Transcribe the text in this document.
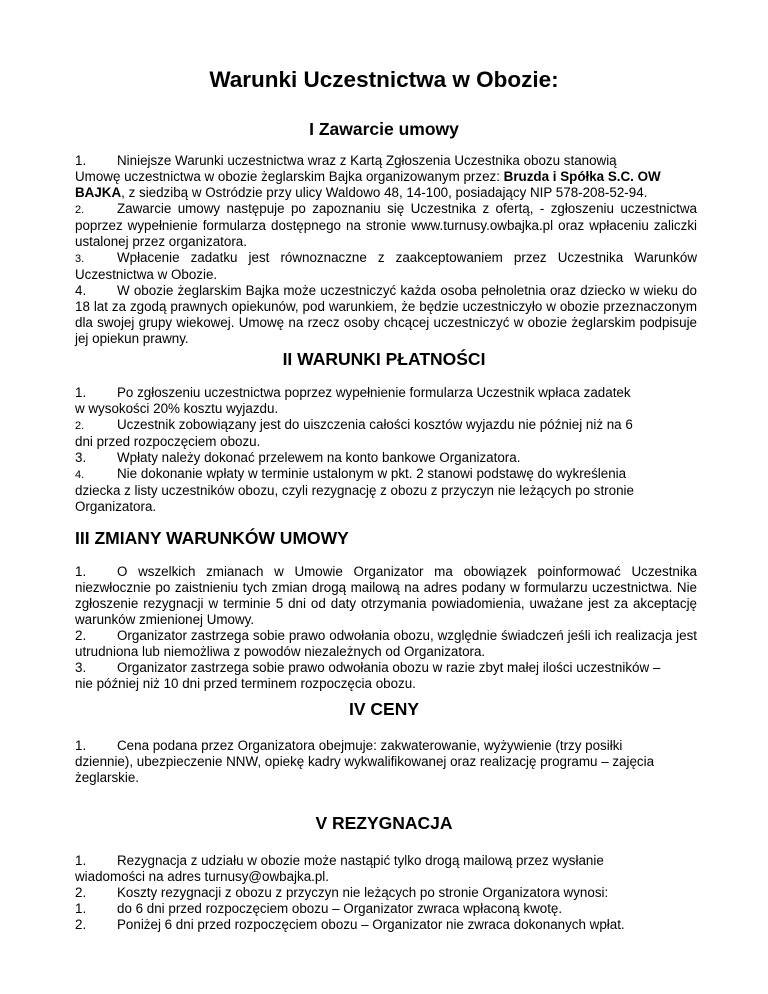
Warunki Uczestnictwa w Obozie:
I Zawarcie umowy

1. Niniejsze Warunki uczestnictwa wraz z Kartą Zgłoszenia Uczestnika obozu stanowią
Umowę uczestnictwa w obozie żeglarskim Bajka organizowanym przez: Bruzda i Spółka S.C. OW
BAJKA, z siedzibą w Ostródzie przy ulicy Waldowo 48, 14-100, posiadający NIP 578-208-52-94.

2. Zawarcie umowy następuje po zapoznaniu się Uczestnika z ofertą, - zgłoszeniu uczestnictwa poprzez wypełnienie formularza dostępnego na stronie www.turnusy.owbajka.pl oraz wpłaceniu zaliczki ustalonej przez organizatora.

3. Wpłacenie zadatku jest równoznaczne z zaakceptowaniem przez Uczestnika Warunków Uczestnictwa w Obozie.

4. W obozie żeglarskim Bajka może uczestniczyć każda osoba pełnoletnia oraz dziecko w wieku do 18 lat za zgodą prawnych opiekunów, pod warunkiem, że będzie uczestniczyło w obozie przeznaczonym dla swojej grupy wiekowej. Umowę na rzecz osoby chcącej uczestniczyć w obozie żeglarskim podpisuje jej opiekun prawny.

II WARUNKI PŁATNOŚCI

1. Po zgłoszeniu uczestnictwa poprzez wypełnienie formularza Uczestnik wpłaca zadatek
w wysokości 20% kosztu wyjazdu.

2. Uczestnik zobowiązany jest do uiszczenia całości kosztów wyjazdu nie później niż na 6
dni przed rozpoczęciem obozu.

3. Wpłaty należy dokonać przelewem na konto bankowe Organizatora.

4. Nie dokonanie wpłaty w terminie ustalonym w pkt. 2 stanowi podstawę do wykreślenia
dziecka z listy uczestników obozu, czyli rezygnację z obozu z przyczyn nie leżących po stronie
Organizatora.

III ZMIANY WARUNKÓW UMOWY

1. O wszelkich zmianach w Umowie Organizator ma obowiązek poinformować Uczestnika niezwłocznie po zaistnieniu tych zmian drogą mailową na adres podany w formularzu uczestnictwa. Nie zgłoszenie rezygnacji w terminie 5 dni od daty otrzymania powiadomienia, uważane jest za akceptację warunków zmienionej Umowy.

2. Organizator zastrzega sobie prawo odwołania obozu, względnie świadczeń jeśli ich realizacja jest utrudniona lub niemożliwa z powodów niezależnych od Organizatora.

3. Organizator zastrzega sobie prawo odwołania obozu w razie zbyt małej ilości uczestników –
nie później niż 10 dni przed terminem rozpoczęcia obozu.

IV CENY

1. Cena podana przez Organizatora obejmuje: zakwaterowanie, wyżywienie (trzy posiłki
dziennie), ubezpieczenie NNW, opiekę kadry wykwalifikowanej oraz realizację programu – zajęcia
żeglarskie.

V REZYGNACJA

1. Rezygnacja z udziału w obozie może nastąpić tylko drogą mailową przez wysłanie
wiadomości na adres turnusy@owbajka.pl.

2. Koszty rezygnacji z obozu z przyczyn nie leżących po stronie Organizatora wynosi:

1. do 6 dni przed rozpoczęciem obozu – Organizator zwraca wpłaconą kwotę.

2. Poniżej 6 dni przed rozpoczęciem obozu – Organizator nie zwraca dokonanych wpłat.
